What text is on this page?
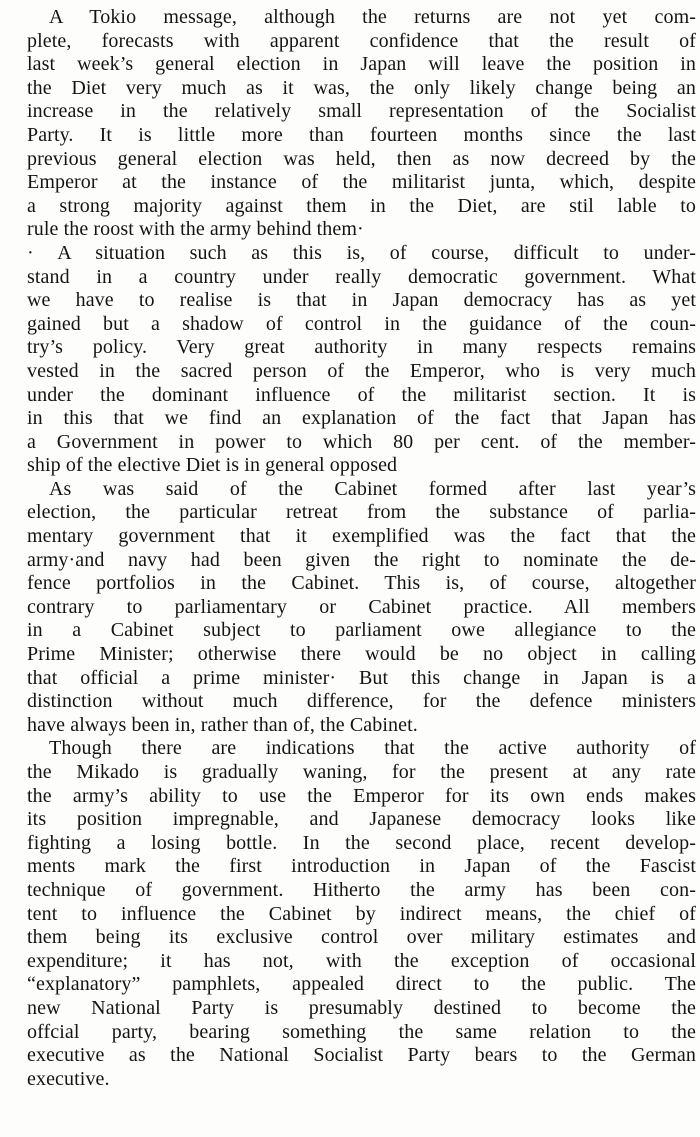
A Tokio message, although the returns are not yet com-
plete, forecasts with apparent confidence that the result of
last week’s general election in Japan will leave the position in
the Diet very much as it was, the only likely change being an
increase in the relatively small representation of the Socialist
Party. It is little more than fourteen months since the last
previous general election was held, then as now decreed by the
Emperor at the instance of the militarist junta, which, despite
a strong majority against them in the Diet, are stil lable to
rule the roost with the army behind them·
· A situation such as this is, of course, difficult to under-
stand in a country under really democratic government. What
we have to realise is that in Japan democracy has as yet
gained but a shadow of control in the guidance of the coun-
try’s policy. Very great authority in many respects remains
vested in the sacred person of the Emperor, who is very much
under the dominant influence of the militarist section. It is
in this that we find an explanation of the fact that Japan has
a Government in power to which 80 per cent. of the member-
ship of the elective Diet is in general opposed
As was said of the Cabinet formed after last year’s
election, the particular retreat from the substance of parlia-
mentary government that it exemplified was the fact that the
army·and navy had been given the right to nominate the de-
fence portfolios in the Cabinet. This is, of course, altogether
contrary to parliamentary or Cabinet practice. All members
in a Cabinet subject to parliament owe allegiance to the
Prime Minister; otherwise there would be no object in calling
that official a prime minister· But this change in Japan is a
distinction without much difference, for the defence ministers
have always been in, rather than of, the Cabinet.
Though there are indications that the active authority of
the Mikado is gradually waning, for the present at any rate
the army’s ability to use the Emperor for its own ends makes
its position impregnable, and Japanese democracy looks like
fighting a losing bottle. In the second place, recent develop-
ments mark the first introduction in Japan of the Fascist
technique of government. Hitherto the army has been con-
tent to influence the Cabinet by indirect means, the chief of
them being its exclusive control over military estimates and
expenditure; it has not, with the exception of occasional
“explanatory” pamphlets, appealed direct to the public. The
new National Party is presumably destined to become the
offcial party, bearing something the same relation to the
executive as the National Socialist Party bears to the German
executive.
